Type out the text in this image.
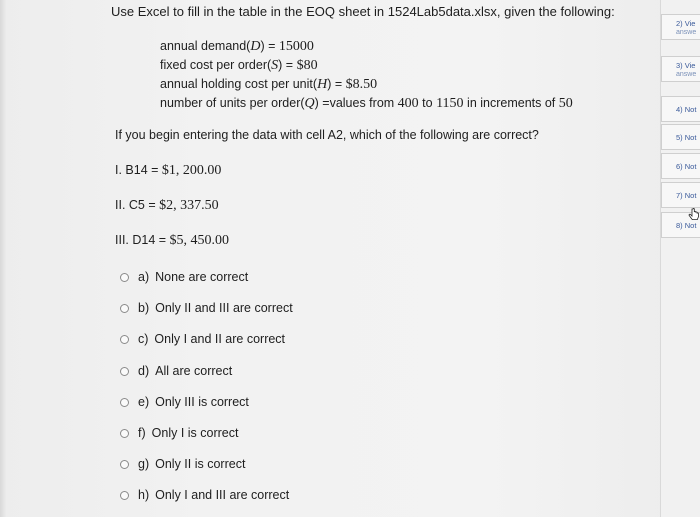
Use Excel to fill in the table in the EOQ sheet in 1524Lab5data.xlsx, given the following:
annual demand(D) = 15000
fixed cost per order(S) = $80
annual holding cost per unit(H) = $8.50
number of units per order(Q) =values from 400 to 1150 in increments of 50
If you begin entering the data with cell A2, which of the following are correct?
I. B14 = $1, 200.00
II. C5 = $2, 337.50
III. D14 = $5, 450.00
a) None are correct
b) Only II and III are correct
c) Only I and II are correct
d) All are correct
e) Only III is correct
f) Only I is correct
g) Only II is correct
h) Only I and III are correct
2) Vie
answe
3) Vie
answe
4) Not
5) Not
6) Not
7) Not
8) Not
